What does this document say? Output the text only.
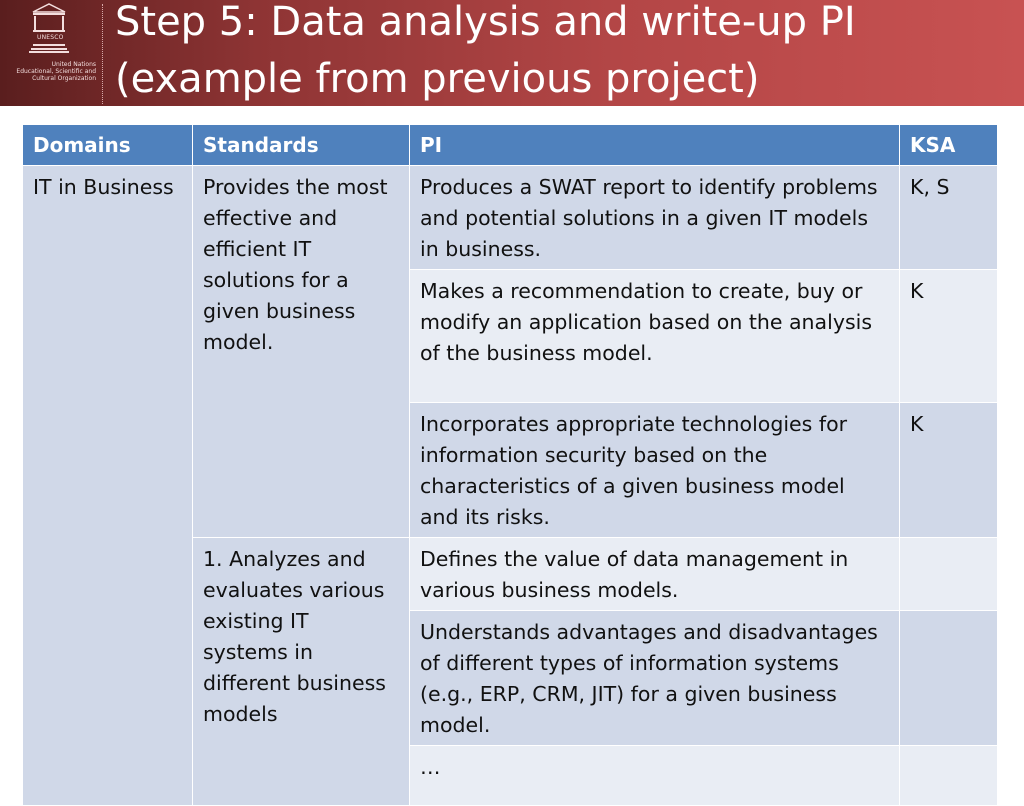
UNESCO
United Nations
Educational, Scientific and
Cultural Organization
Step 5: Data analysis and write-up PI
(example from previous project)
Domains	Standards	PI	KSA
IT in Business	Provides the most effective and efficient IT solutions for a given business model.	Produces a SWAT report to identify problems and potential solutions in a given IT models in business.	K, S
		Makes a recommendation to create, buy or modify an application based on the analysis of the business model.	K
		Incorporates appropriate technologies for information security based on the characteristics of a given business model and its risks.	K
	1. Analyzes and evaluates various existing IT systems in different business models	Defines the value of data management in various business models.	
		Understands advantages and disadvantages of different types of information systems (e.g., ERP, CRM, JIT) for a given business model.	
		…	
